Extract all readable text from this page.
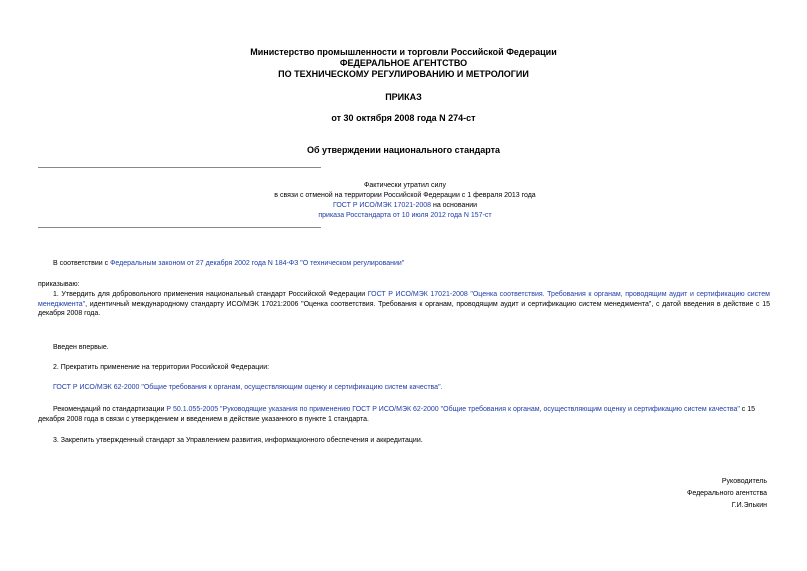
Министерство промышленности и торговли Российской Федерации
ФЕДЕРАЛЬНОЕ АГЕНТСТВО
ПО ТЕХНИЧЕСКОМУ РЕГУЛИРОВАНИЮ И МЕТРОЛОГИИ
ПРИКАЗ
от 30 октября 2008 года N 274-ст
Об утверждении национального стандарта
Фактически утратил силу
в связи с отменой на территории Российской Федерации с 1 февраля 2013 года
ГОСТ Р ИСО/МЭК 17021-2008 на основании
приказа Росстандарта от 10 июля 2012 года N 157-ст
В соответствии с Федеральным законом от 27 декабря 2002 года N 184-ФЗ "О техническом регулировании"
приказываю:
1. Утвердить для добровольного применения национальный стандарт Российской Федерации ГОСТ Р ИСО/МЭК 17021-2008 "Оценка соответствия. Требования к органам, проводящим аудит и сертификацию систем менеджмента", идентичный международному стандарту ИСО/МЭК 17021:2006 "Оценка соответствия. Требования к органам, проводящим аудит и сертификацию систем менеджмента", с датой введения в действие с 15 декабря 2008 года.
Введен впервые.
2. Прекратить применение на территории Российской Федерации:
ГОСТ Р ИСО/МЭК 62-2000 "Общие требования к органам, осуществляющим оценку и сертификацию систем качества".
Рекомендаций по стандартизации Р 50.1.055-2005 "Руководящие указания по применению ГОСТ Р ИСО/МЭК 62-2000 "Общие требования к органам, осуществляющим оценку и сертификацию систем качества" с 15 декабря 2008 года в связи с утверждением и введением в действие указанного в пункте 1 стандарта.
3. Закрепить утвержденный стандарт за Управлением развития, информационного обеспечения и аккредитации.
Руководитель
Федерального агентства
Г.И.Элькин
